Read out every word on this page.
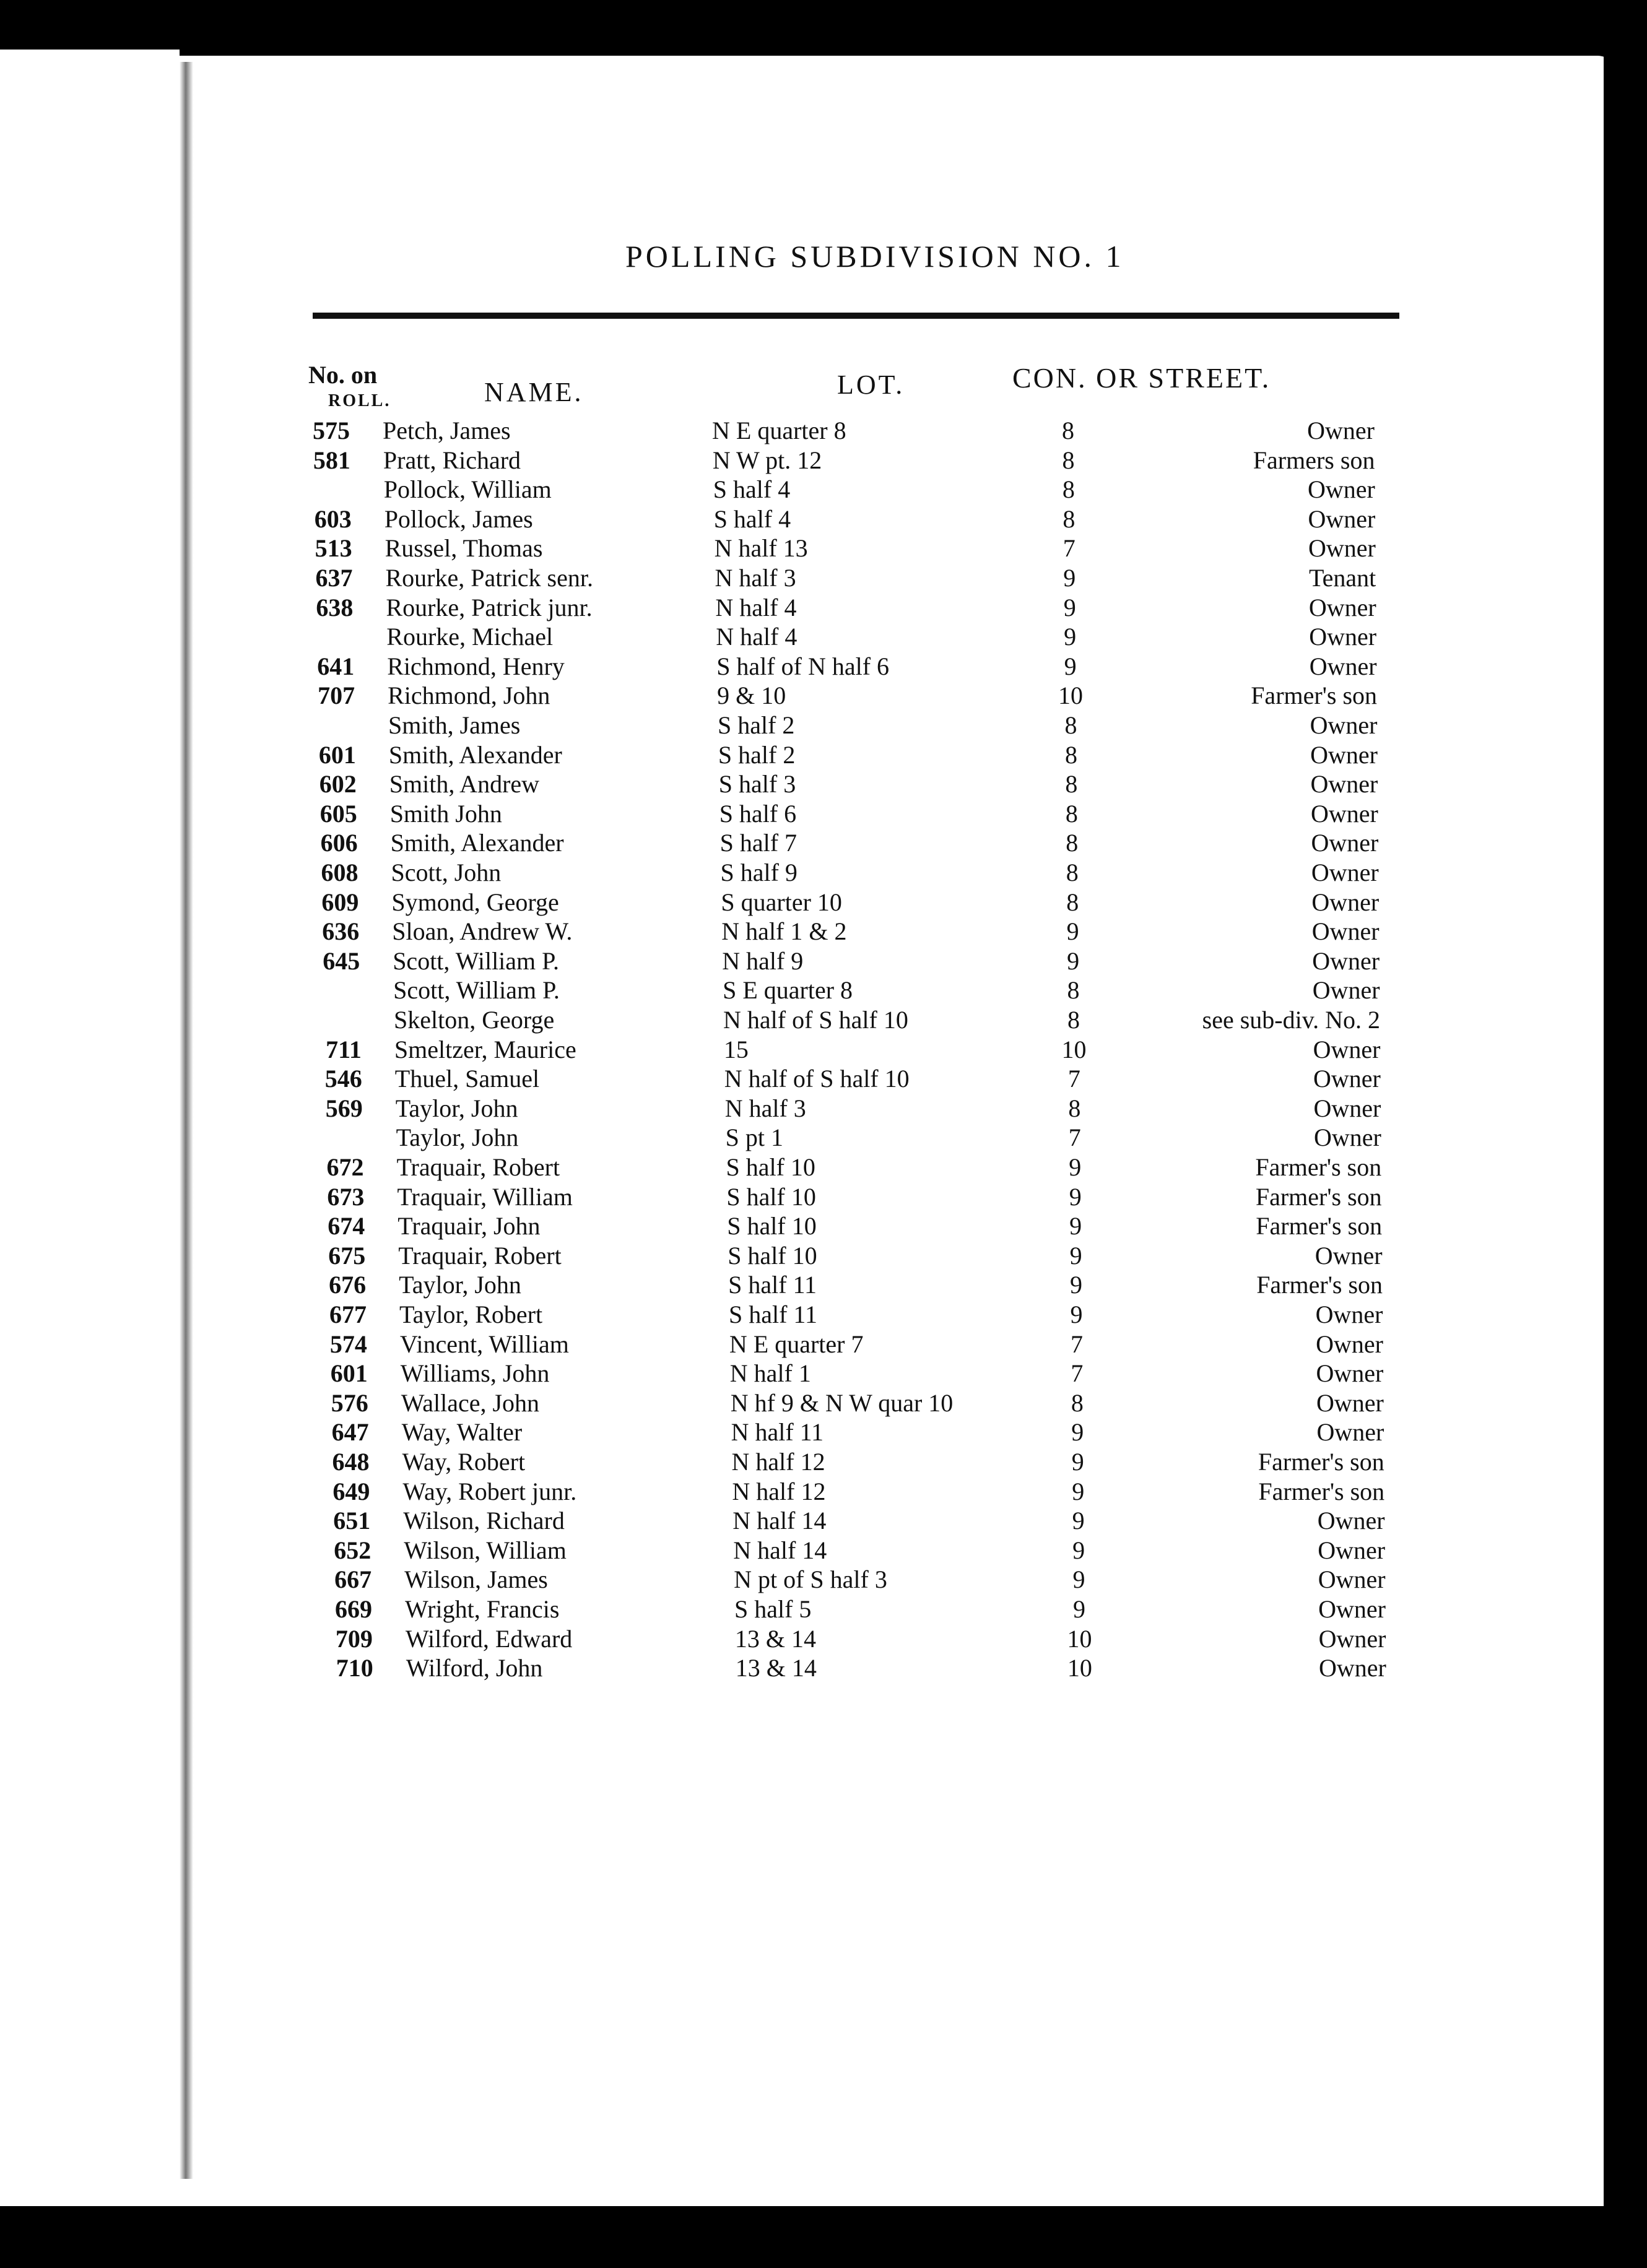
POLLING SUBDIVISION NO. 1
No. on
ROLL.	NAME.	LOT.	CON. OR STREET.
575 Petch, James	N E quarter 8	8	Owner
581 Pratt, Richard	N W pt. 12	8	Farmers son
Pollock, William	S half 4	8	Owner
603 Pollock, James	S half 4	8	Owner
513 Russel, Thomas	N half 13	7	Owner
637 Rourke, Patrick senr.	N half 3	9	Tenant
638 Rourke, Patrick junr.	N half 4	9	Owner
Rourke, Michael	N half 4	9	Owner
641 Richmond, Henry	S half of N half 6	9	Owner
707 Richmond, John	9 & 10	10	Farmer's son
Smith, James	S half 2	8	Owner
601 Smith, Alexander	S half 2	8	Owner
602 Smith, Andrew	S half 3	8	Owner
605 Smith John	S half 6	8	Owner
606 Smith, Alexander	S half 7	8	Owner
608 Scott, John	S half 9	8	Owner
609 Symond, George	S quarter 10	8	Owner
636 Sloan, Andrew W.	N half 1 & 2	9	Owner
645 Scott, William P.	N half 9	9	Owner
Scott, William P.	S E quarter 8	8	Owner
Skelton, George	N half of S half 10	8	see sub-div. No. 2
711 Smeltzer, Maurice	15	10	Owner
546 Thuel, Samuel	N half of S half 10	7	Owner
569 Taylor, John	N half 3	8	Owner
Taylor, John	S pt 1	7	Owner
672 Traquair, Robert	S half 10	9	Farmer's son
673 Traquair, William	S half 10	9	Farmer's son
674 Traquair, John	S half 10	9	Farmer's son
675 Traquair, Robert	S half 10	9	Owner
676 Taylor, John	S half 11	9	Farmer's son
677 Taylor, Robert	S half 11	9	Owner
574 Vincent, William	N E quarter 7	7	Owner
601 Williams, John	N half 1	7	Owner
576 Wallace, John	N hf 9 & N W quar 10	8	Owner
647 Way, Walter	N half 11	9	Owner
648 Way, Robert	N half 12	9	Farmer's son
649 Way, Robert junr.	N half 12	9	Farmer's son
651 Wilson, Richard	N half 14	9	Owner
652 Wilson, William	N half 14	9	Owner
667 Wilson, James	N pt of S half 3	9	Owner
669 Wright, Francis	S half 5	9	Owner
709 Wilford, Edward	13 & 14	10	Owner
710 Wilford, John	13 & 14	10	Owner
